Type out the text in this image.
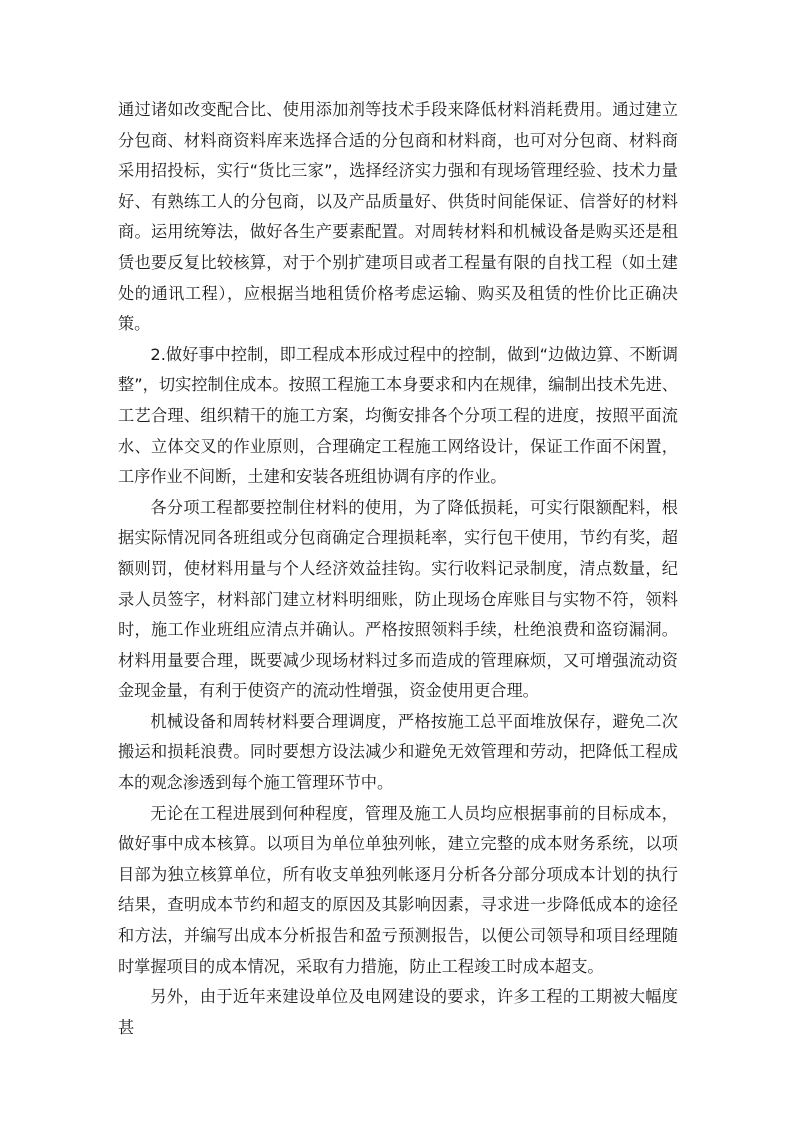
通过诸如改变配合比、使用添加剂等技术手段来降低材料消耗费用。通过建立分包商、材料商资料库来选择合适的分包商和材料商，也可对分包商、材料商采用招投标，实行“货比三家”，选择经济实力强和有现场管理经验、技术力量好、有熟练工人的分包商，以及产品质量好、供货时间能保证、信誉好的材料商。运用统筹法，做好各生产要素配置。对周转材料和机械设备是购买还是租赁也要反复比较核算，对于个别扩建项目或者工程量有限的自找工程（如土建处的通讯工程），应根据当地租赁价格考虑运输、购买及租赁的性价比正确决策。

2.做好事中控制，即工程成本形成过程中的控制，做到“边做边算、不断调整”，切实控制住成本。按照工程施工本身要求和内在规律，编制出技术先进、工艺合理、组织精干的施工方案，均衡安排各个分项工程的进度，按照平面流水、立体交叉的作业原则，合理确定工程施工网络设计，保证工作面不闲置，工序作业不间断，土建和安装各班组协调有序的作业。

各分项工程都要控制住材料的使用，为了降低损耗，可实行限额配料，根据实际情况同各班组或分包商确定合理损耗率，实行包干使用，节约有奖，超额则罚，使材料用量与个人经济效益挂钩。实行收料记录制度，清点数量，纪录人员签字，材料部门建立材料明细账，防止现场仓库账目与实物不符，领料时，施工作业班组应清点并确认。严格按照领料手续，杜绝浪费和盗窃漏洞。材料用量要合理，既要减少现场材料过多而造成的管理麻烦，又可增强流动资金现金量，有利于使资产的流动性增强，资金使用更合理。

机械设备和周转材料要合理调度，严格按施工总平面堆放保存，避免二次搬运和损耗浪费。同时要想方设法减少和避免无效管理和劳动，把降低工程成本的观念渗透到每个施工管理环节中。

无论在工程进展到何种程度，管理及施工人员均应根据事前的目标成本，做好事中成本核算。以项目为单位单独列帐，建立完整的成本财务系统，以项目部为独立核算单位，所有收支单独列帐逐月分析各分部分项成本计划的执行结果，查明成本节约和超支的原因及其影响因素，寻求进一步降低成本的途径和方法，并编写出成本分析报告和盈亏预测报告，以便公司领导和项目经理随时掌握项目的成本情况，采取有力措施，防止工程竣工时成本超支。

另外，由于近年来建设单位及电网建设的要求，许多工程的工期被大幅度甚
